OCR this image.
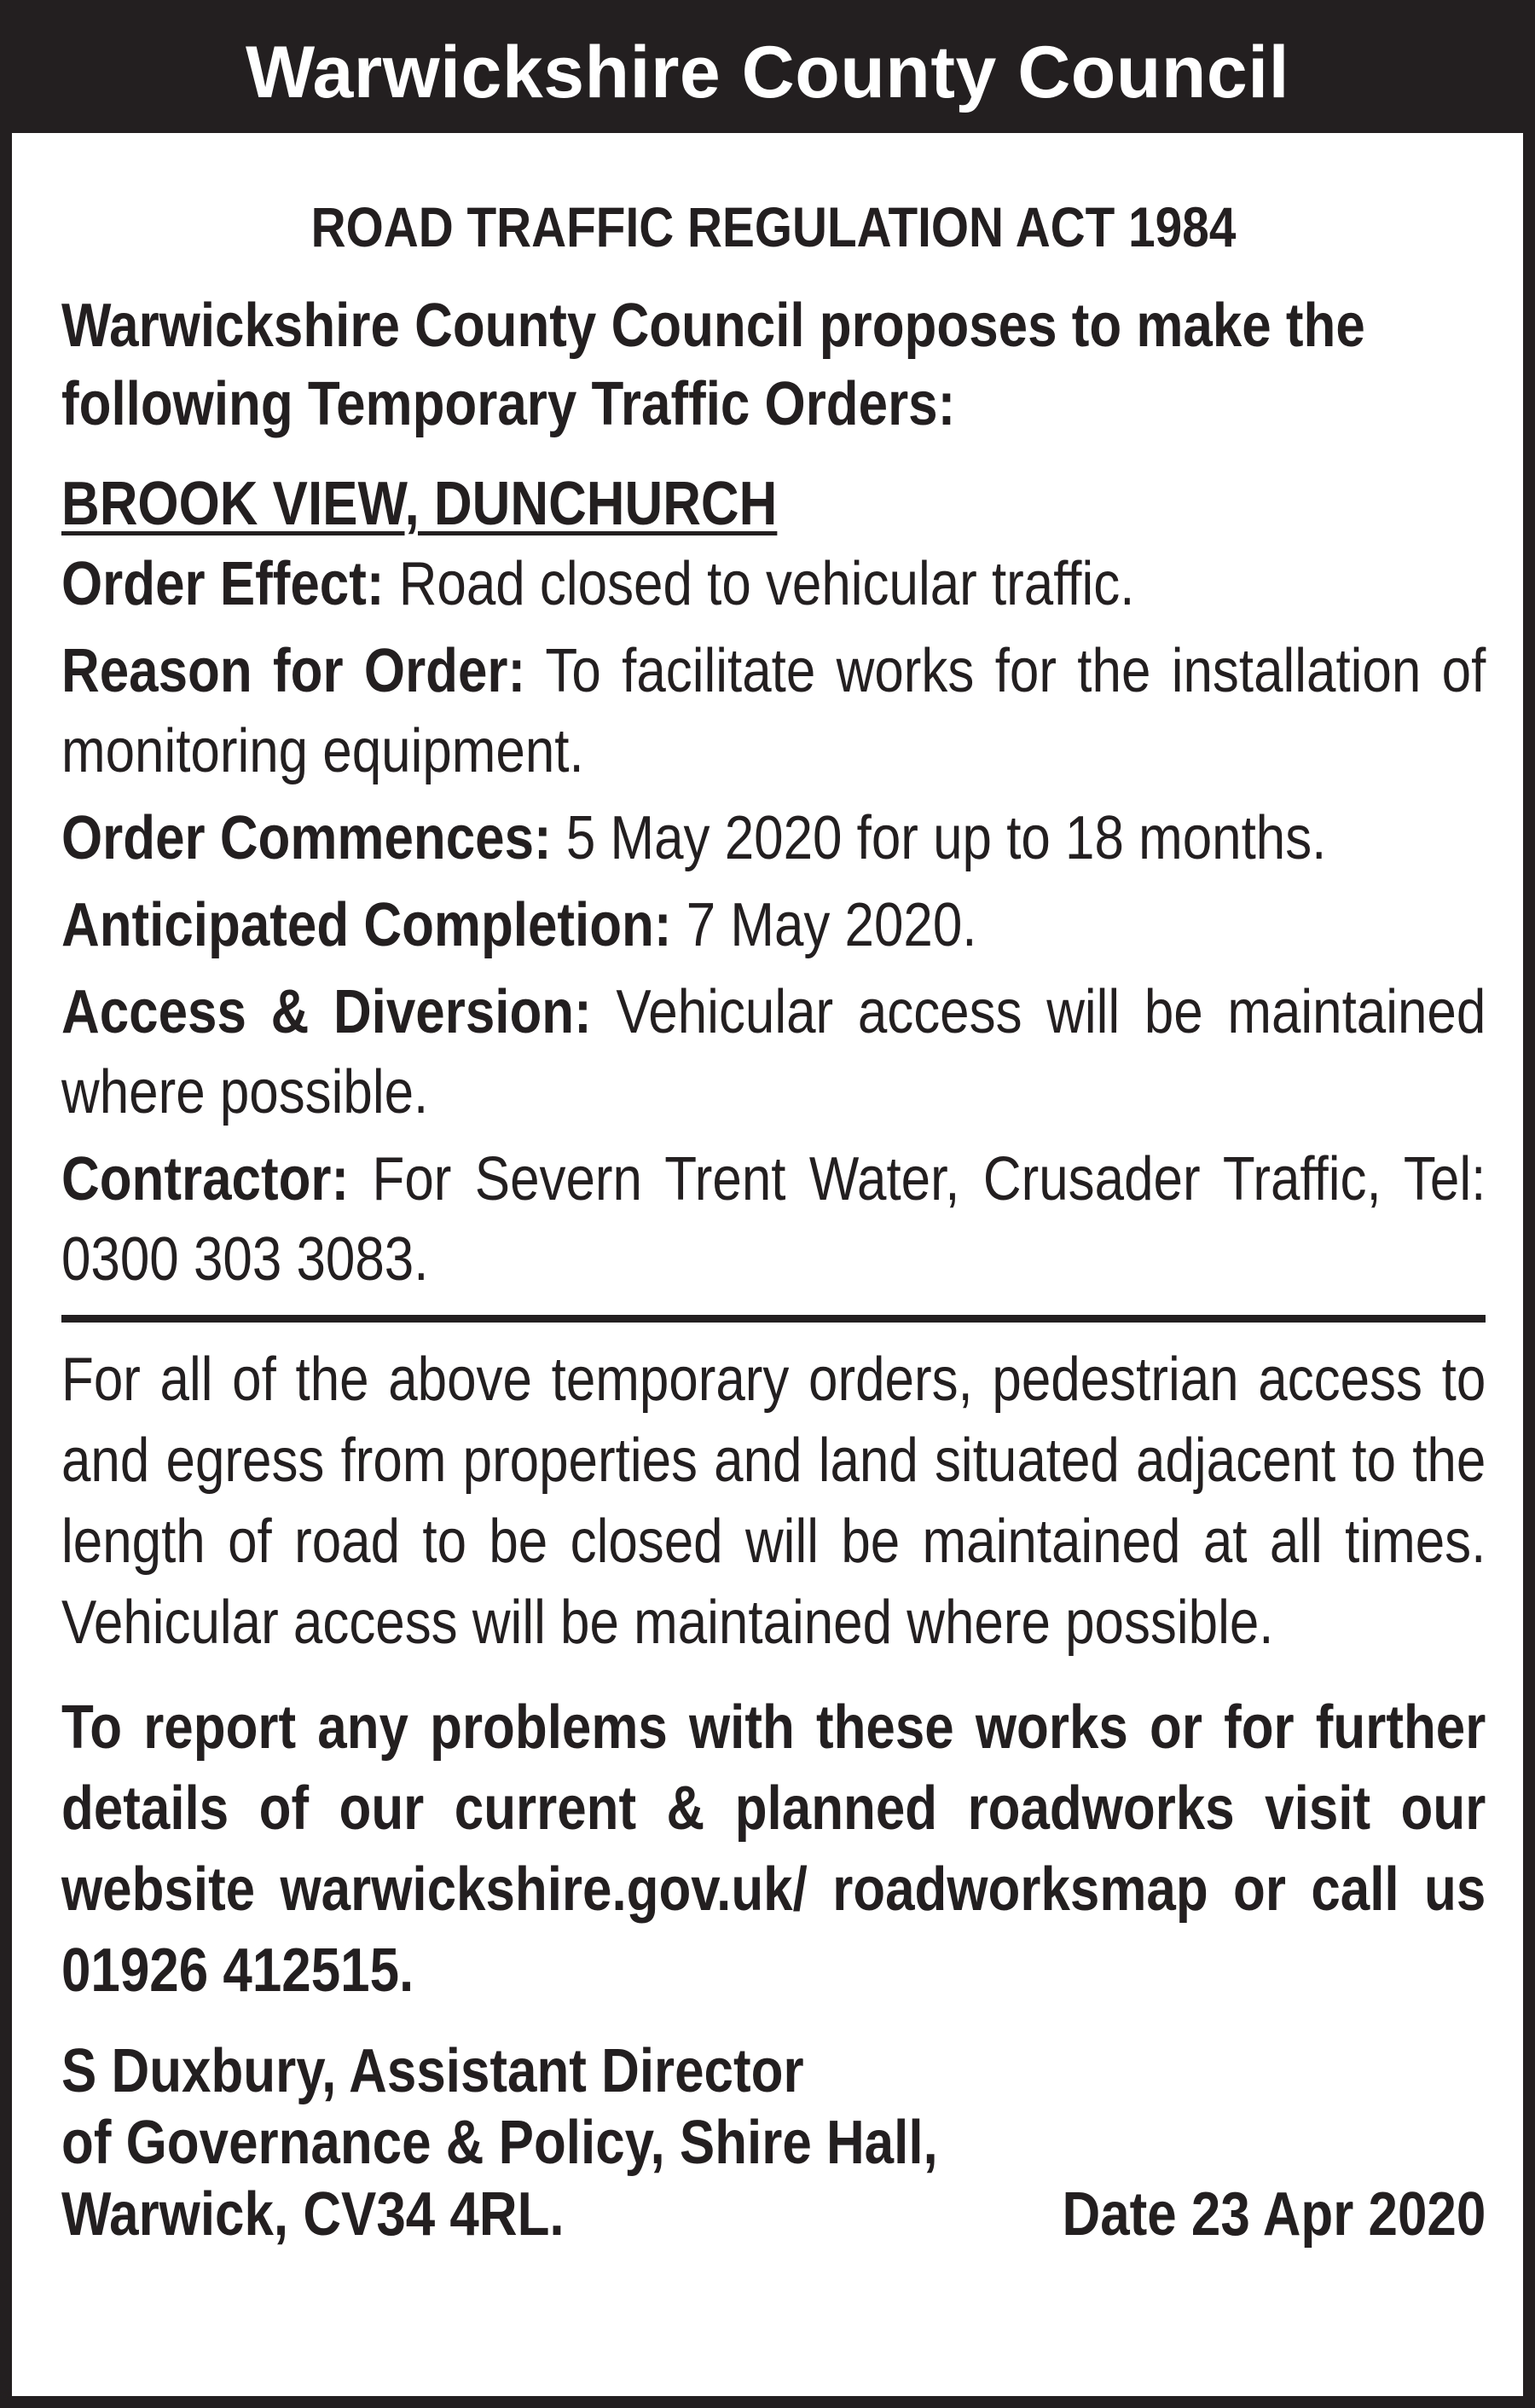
Warwickshire County Council
ROAD TRAFFIC REGULATION ACT 1984
Warwickshire County Council proposes to make the following Temporary Traffic Orders:
BROOK VIEW, DUNCHURCH
Order Effect: Road closed to vehicular traffic.
Reason for Order: To facilitate works for the installation of monitoring equipment.
Order Commences: 5 May 2020 for up to 18 months.
Anticipated Completion: 7 May 2020.
Access & Diversion: Vehicular access will be maintained where possible.
Contractor: For Severn Trent Water, Crusader Traffic, Tel: 0300 303 3083.
For all of the above temporary orders, pedestrian access to and egress from properties and land situated adjacent to the length of road to be closed will be maintained at all times. Vehicular access will be maintained where possible.
To report any problems with these works or for further details of our current & planned roadworks visit our website warwickshire.gov.uk/ roadworksmap or call us 01926 412515.
S Duxbury, Assistant Director
of Governance & Policy, Shire Hall,
Warwick, CV34 4RL.	Date 23 Apr 2020
